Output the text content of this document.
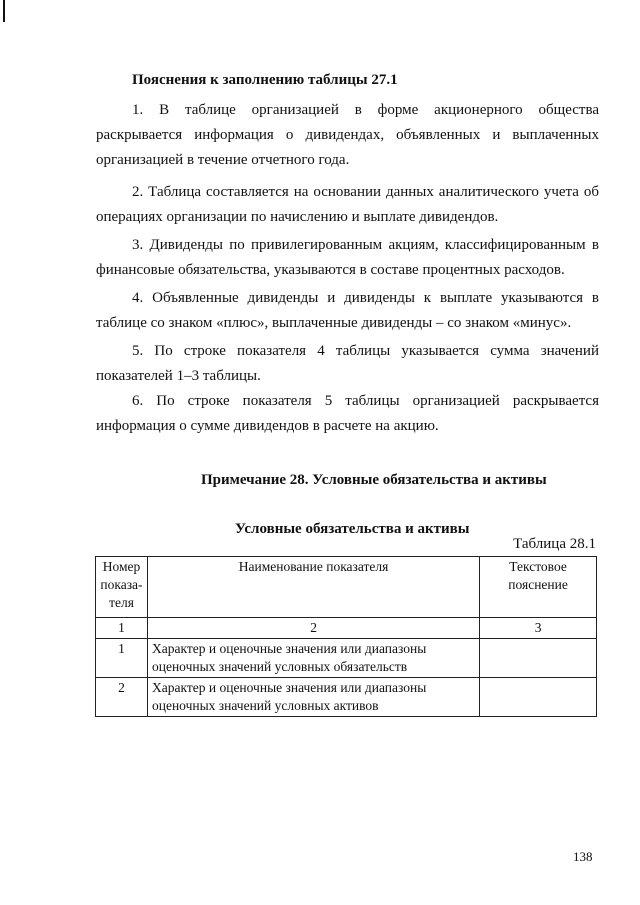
Пояснения к заполнению таблицы 27.1
1. В таблице организацией в форме акционерного общества раскрывается информация о дивидендах, объявленных и выплаченных организацией в течение отчетного года.
2. Таблица составляется на основании данных аналитического учета об операциях организации по начислению и выплате дивидендов.
3. Дивиденды по привилегированным акциям, классифицированным в финансовые обязательства, указываются в составе процентных расходов.
4. Объявленные дивиденды и дивиденды к выплате указываются в таблице со знаком «плюс», выплаченные дивиденды – со знаком «минус».
5. По строке показателя 4 таблицы указывается сумма значений показателей 1–3 таблицы.
6. По строке показателя 5 таблицы организацией раскрывается информация о сумме дивидендов в расчете на акцию.
Примечание 28. Условные обязательства и активы
Условные обязательства и активы
Таблица 28.1
Номер показа-теля	Наименование показателя	Текстовое пояснение
1	2	3
1	Характер и оценочные значения или диапазоны оценочных значений условных обязательств	
2	Характер и оценочные значения или диапазоны оценочных значений условных активов	
138
